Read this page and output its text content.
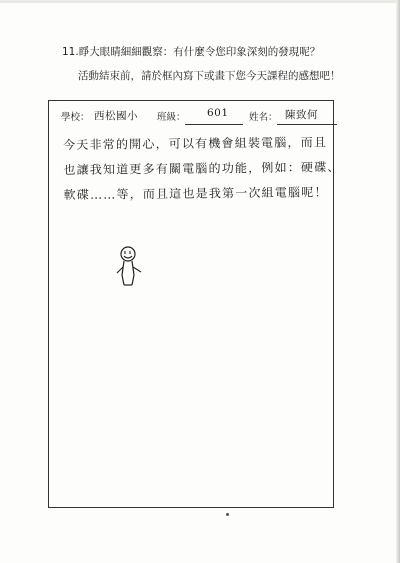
11.睜大眼睛細細觀察：有什麼令您印象深刻的發現呢？
活動結束前，請於框內寫下或畫下您今天課程的感想吧！
學校： 西松國小 班級： 601 姓名： 陳致何
今天非常的開心，可以有機會組裝電腦，而且
也讓我知道更多有關電腦的功能，例如：硬碟、
軟碟……等，而且這也是我第一次組電腦呢！
